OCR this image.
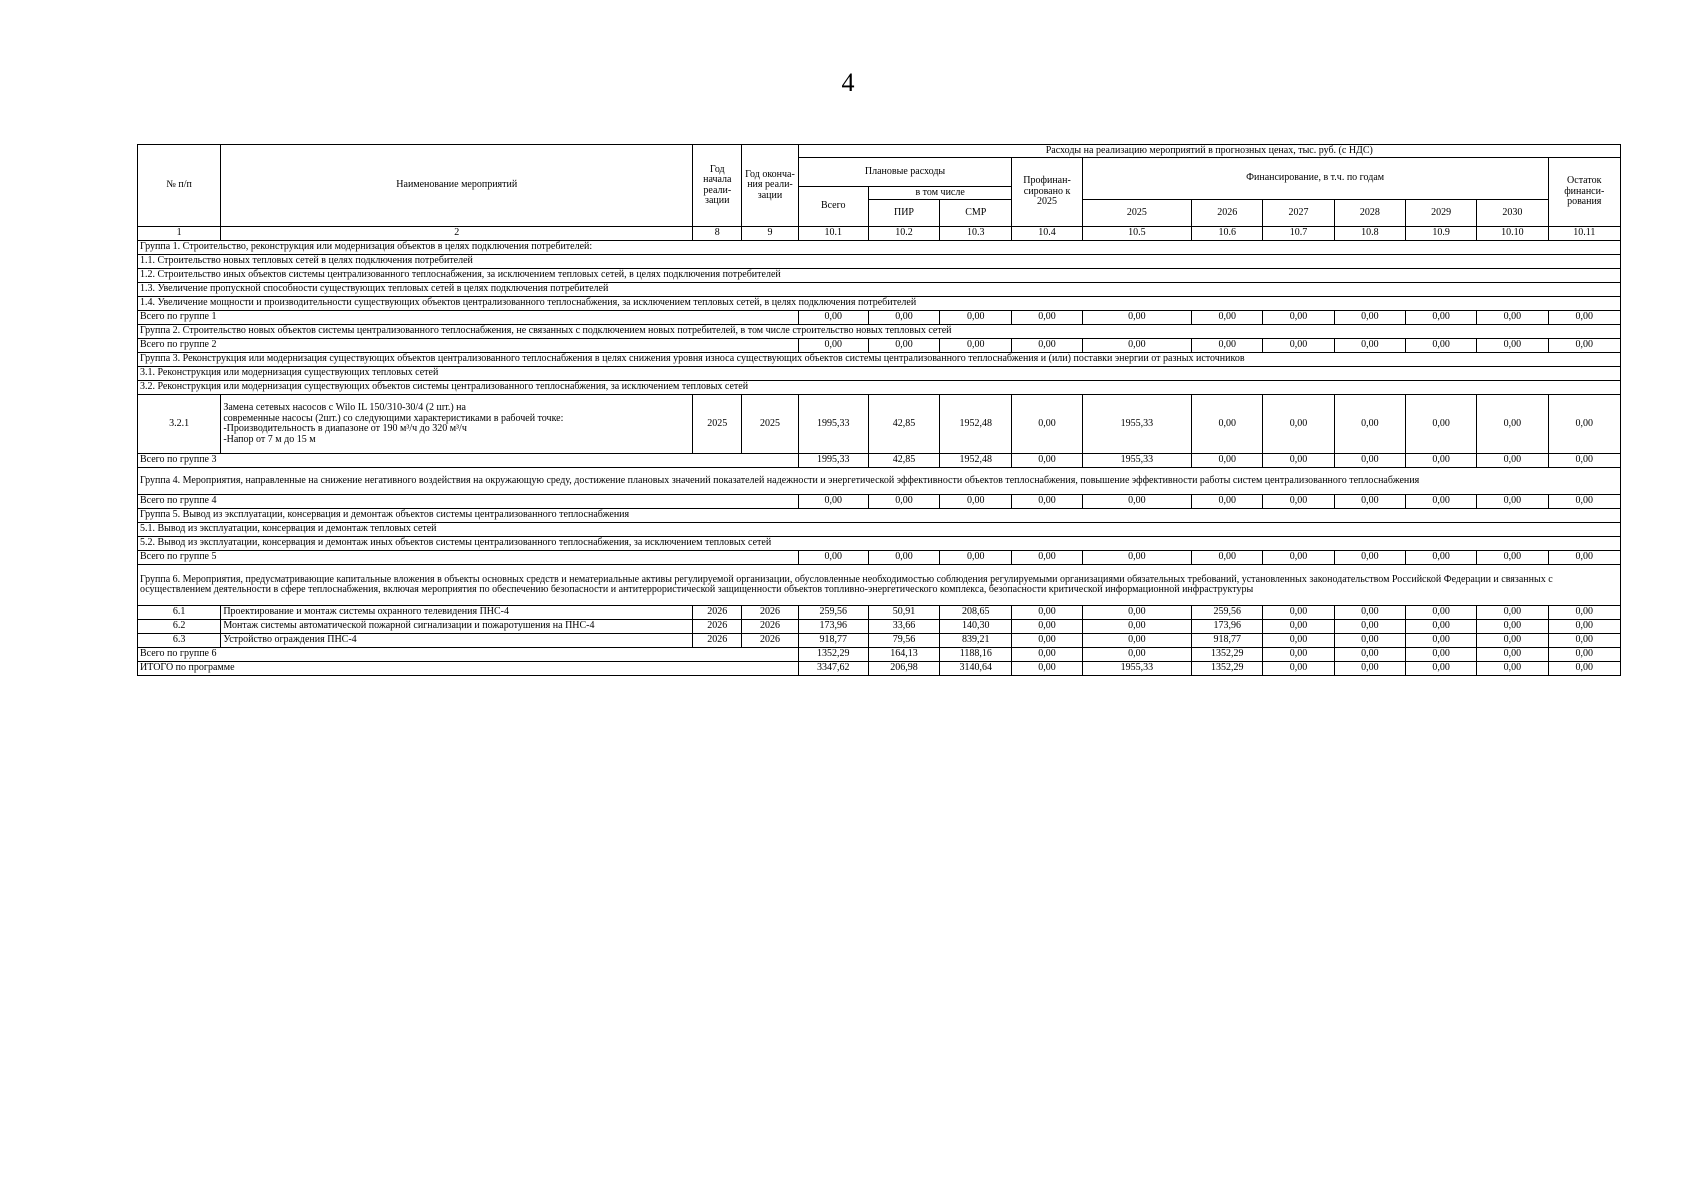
4
№ п/п	Наименование мероприятий	Год начала реали-зации	Год оконча-ния реали-зации	Расходы на реализацию мероприятий в прогнозных ценах, тыс. руб. (с НДС)										
				Плановые расходы			Профинан-сировано к 2025	Финансирование, в т.ч. по годам						Остаток финанси-рования
				Всего	в том числе									
					ПИР	СМР								
								2025	2026	2027	2028	2029	2030	
1	2	8	9	10.1	10.2	10.3	10.4	10.5	10.6	10.7	10.8	10.9	10.10	10.11
Группа 1. Строительство, реконструкция или модернизация объектов в целях подключения потребителей:														
1.1. Строительство новых тепловых сетей в целях подключения потребителей														
1.2. Строительство иных объектов системы централизованного теплоснабжения, за исключением тепловых сетей, в целях подключения потребителей														
1.3. Увеличение пропускной способности существующих тепловых сетей в целях подключения потребителей														
1.4. Увеличение мощности и производительности существующих объектов централизованного теплоснабжения, за исключением тепловых сетей, в целях подключения потребителей														
Всего по группе 1				0,00	0,00	0,00	0,00	0,00	0,00	0,00	0,00	0,00	0,00	0,00
Группа 2. Строительство новых объектов системы централизованного теплоснабжения, не связанных с подключением новых потребителей, в том числе строительство новых тепловых сетей														
Всего по группе 2				0,00	0,00	0,00	0,00	0,00	0,00	0,00	0,00	0,00	0,00	0,00
Группа 3. Реконструкция или модернизация существующих объектов централизованного теплоснабжения в целях снижения уровня износа существующих объектов системы централизованного теплоснабжения и (или) поставки энергии от разных источников														
3.1. Реконструкция или модернизация существующих тепловых сетей														
3.2. Реконструкция или модернизация существующих объектов системы централизованного теплоснабжения, за исключением тепловых сетей														
3.2.1	Замена сетевых насосов с Wilo IL 150/310-30/4 (2 шт.) на
современные насосы (2шт.) со следующими характеристиками в рабочей точке:
-Производительность в диапазоне от 190 м³/ч до 320 м³/ч
-Напор от 7 м до 15 м	2025	2025	1995,33	42,85	1952,48	0,00	1955,33	0,00	0,00	0,00	0,00	0,00	0,00
Всего по группе 3				1995,33	42,85	1952,48	0,00	1955,33	0,00	0,00	0,00	0,00	0,00	0,00
Группа 4. Мероприятия, направленные на снижение негативного воздействия на окружающую среду, достижение плановых значений показателей надежности и энергетической эффективности объектов теплоснабжения, повышение эффективности работы систем централизованного теплоснабжения														
Всего по группе 4				0,00	0,00	0,00	0,00	0,00	0,00	0,00	0,00	0,00	0,00	0,00
Группа 5. Вывод из эксплуатации, консервация и демонтаж объектов системы централизованного теплоснабжения														
5.1. Вывод из эксплуатации, консервация и демонтаж тепловых сетей														
5.2. Вывод из эксплуатации, консервация и демонтаж иных объектов системы централизованного теплоснабжения, за исключением тепловых сетей														
Всего по группе 5				0,00	0,00	0,00	0,00	0,00	0,00	0,00	0,00	0,00	0,00	0,00
Группа 6. Мероприятия, предусматривающие капитальные вложения в объекты основных средств и нематериальные активы регулируемой организации, обусловленные необходимостью соблюдения регулируемыми организациями обязательных требований, установленных законодательством Российской Федерации и связанных с осуществлением деятельности в сфере теплоснабжения, включая мероприятия по обеспечению безопасности и антитеррористической защищенности объектов топливно-энергетического комплекса, безопасности критической информационной инфраструктуры														
6.1	Проектирование и монтаж системы охранного телевидения ПНС-4	2026	2026	259,56	50,91	208,65	0,00	0,00	259,56	0,00	0,00	0,00	0,00	0,00
6.2	Монтаж системы автоматической пожарной сигнализации и пожаротушения на ПНС-4	2026	2026	173,96	33,66	140,30	0,00	0,00	173,96	0,00	0,00	0,00	0,00	0,00
6.3	Устройство ограждения ПНС-4	2026	2026	918,77	79,56	839,21	0,00	0,00	918,77	0,00	0,00	0,00	0,00	0,00
Всего по группе 6				1352,29	164,13	1188,16	0,00	0,00	1352,29	0,00	0,00	0,00	0,00	0,00
ИТОГО по программе				3347,62	206,98	3140,64	0,00	1955,33	1352,29	0,00	0,00	0,00	0,00	0,00
